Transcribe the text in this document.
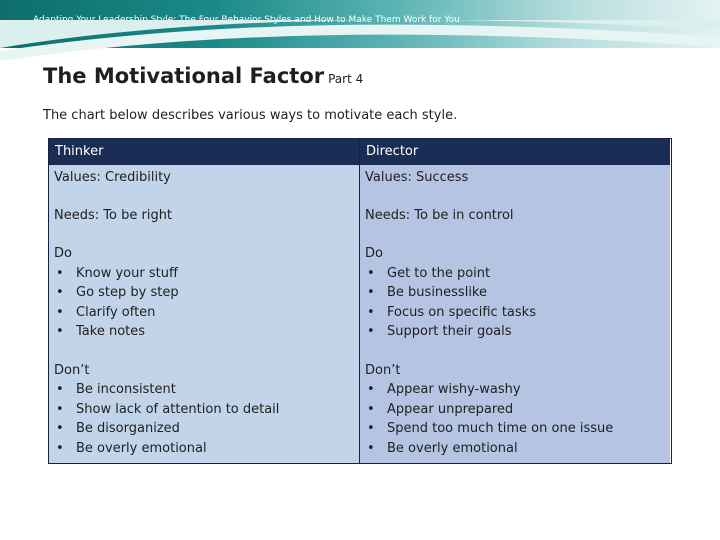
The Motivational Factor Part 4
The chart below describes various ways to motivate each style.
Thinker
Values: Credibility
Needs: To be right
Do
• Know your stuff
• Go step by step
• Clarify often
• Take notes
Don’t
• Be inconsistent
• Show lack of attention to detail
• Be disorganized
• Be overly emotional
Director
Values: Success
Needs: To be in control
Do
• Get to the point
• Be businesslike
• Focus on specific tasks
• Support their goals
Don’t
• Appear wishy-washy
• Appear unprepared
• Spend too much time on one issue
• Be overly emotional
